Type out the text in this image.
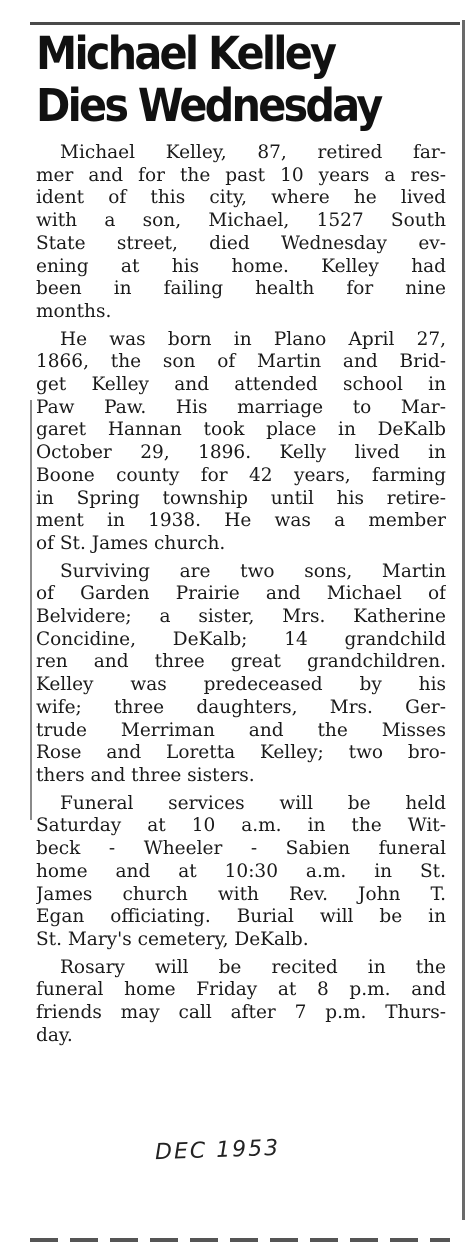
Michael Kelley
Dies Wednesday
Michael Kelley, 87, retired far-
mer and for the past 10 years a res-
ident of this city, where he lived
with a son, Michael, 1527 South
State street, died Wednesday ev-
ening at his home. Kelley had
been in failing health for nine
months.
He was born in Plano April 27,
1866, the son of Martin and Brid-
get Kelley and attended school in
Paw Paw. His marriage to Mar-
garet Hannan took place in DeKalb
October 29, 1896. Kelly lived in
Boone county for 42 years, farming
in Spring township until his retire-
ment in 1938. He was a member
of St. James church.
Surviving are two sons, Martin
of Garden Prairie and Michael of
Belvidere; a sister, Mrs. Katherine
Concidine, DeKalb; 14 grandchild
ren and three great grandchildren.
Kelley was predeceased by his
wife; three daughters, Mrs. Ger-
trude Merriman and the Misses
Rose and Loretta Kelley; two bro-
thers and three sisters.
Funeral services will be held
Saturday at 10 a.m. in the Wit-
beck - Wheeler - Sabien funeral
home and at 10:30 a.m. in St.
James church with Rev. John T.
Egan officiating. Burial will be in
St. Mary's cemetery, DeKalb.
Rosary will be recited in the
funeral home Friday at 8 p.m. and
friends may call after 7 p.m. Thurs-
day.
DEC 1953
